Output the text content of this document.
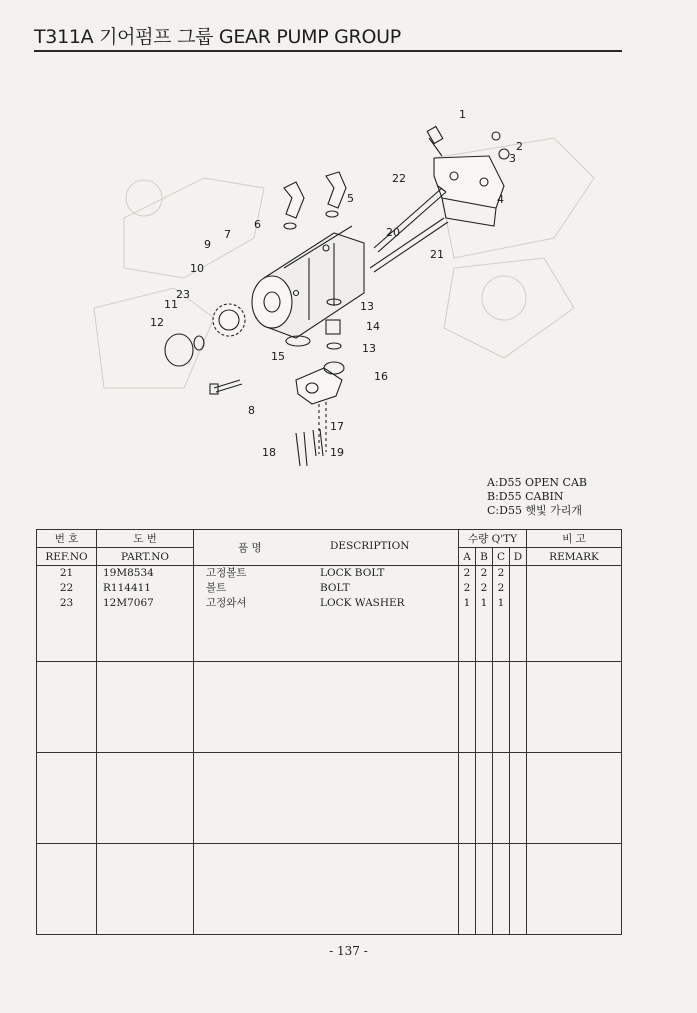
T311A 기어펌프 그룹 GEAR PUMP GROUP
1
2
3
4
5
6
7
8
9
10
11
12
13
14
13
15
16
17
18	19
20
21
22
23
A:D55 OPEN CAB
B:D55 CABIN
C:D55 햇빛 가리개
번 호	도 번	품 명 DESCRIPTION	수량 Q'TY				비 고
REF.NO	PART.NO		A	B	C	D	REMARK
21	19M8534	고정볼트 LOCK BOLT	2	2	2		
22	R114411	볼트 BOLT	2	2	2		
23	12M7067	고정와셔 LOCK WASHER	1	1	1		

- 137 -
